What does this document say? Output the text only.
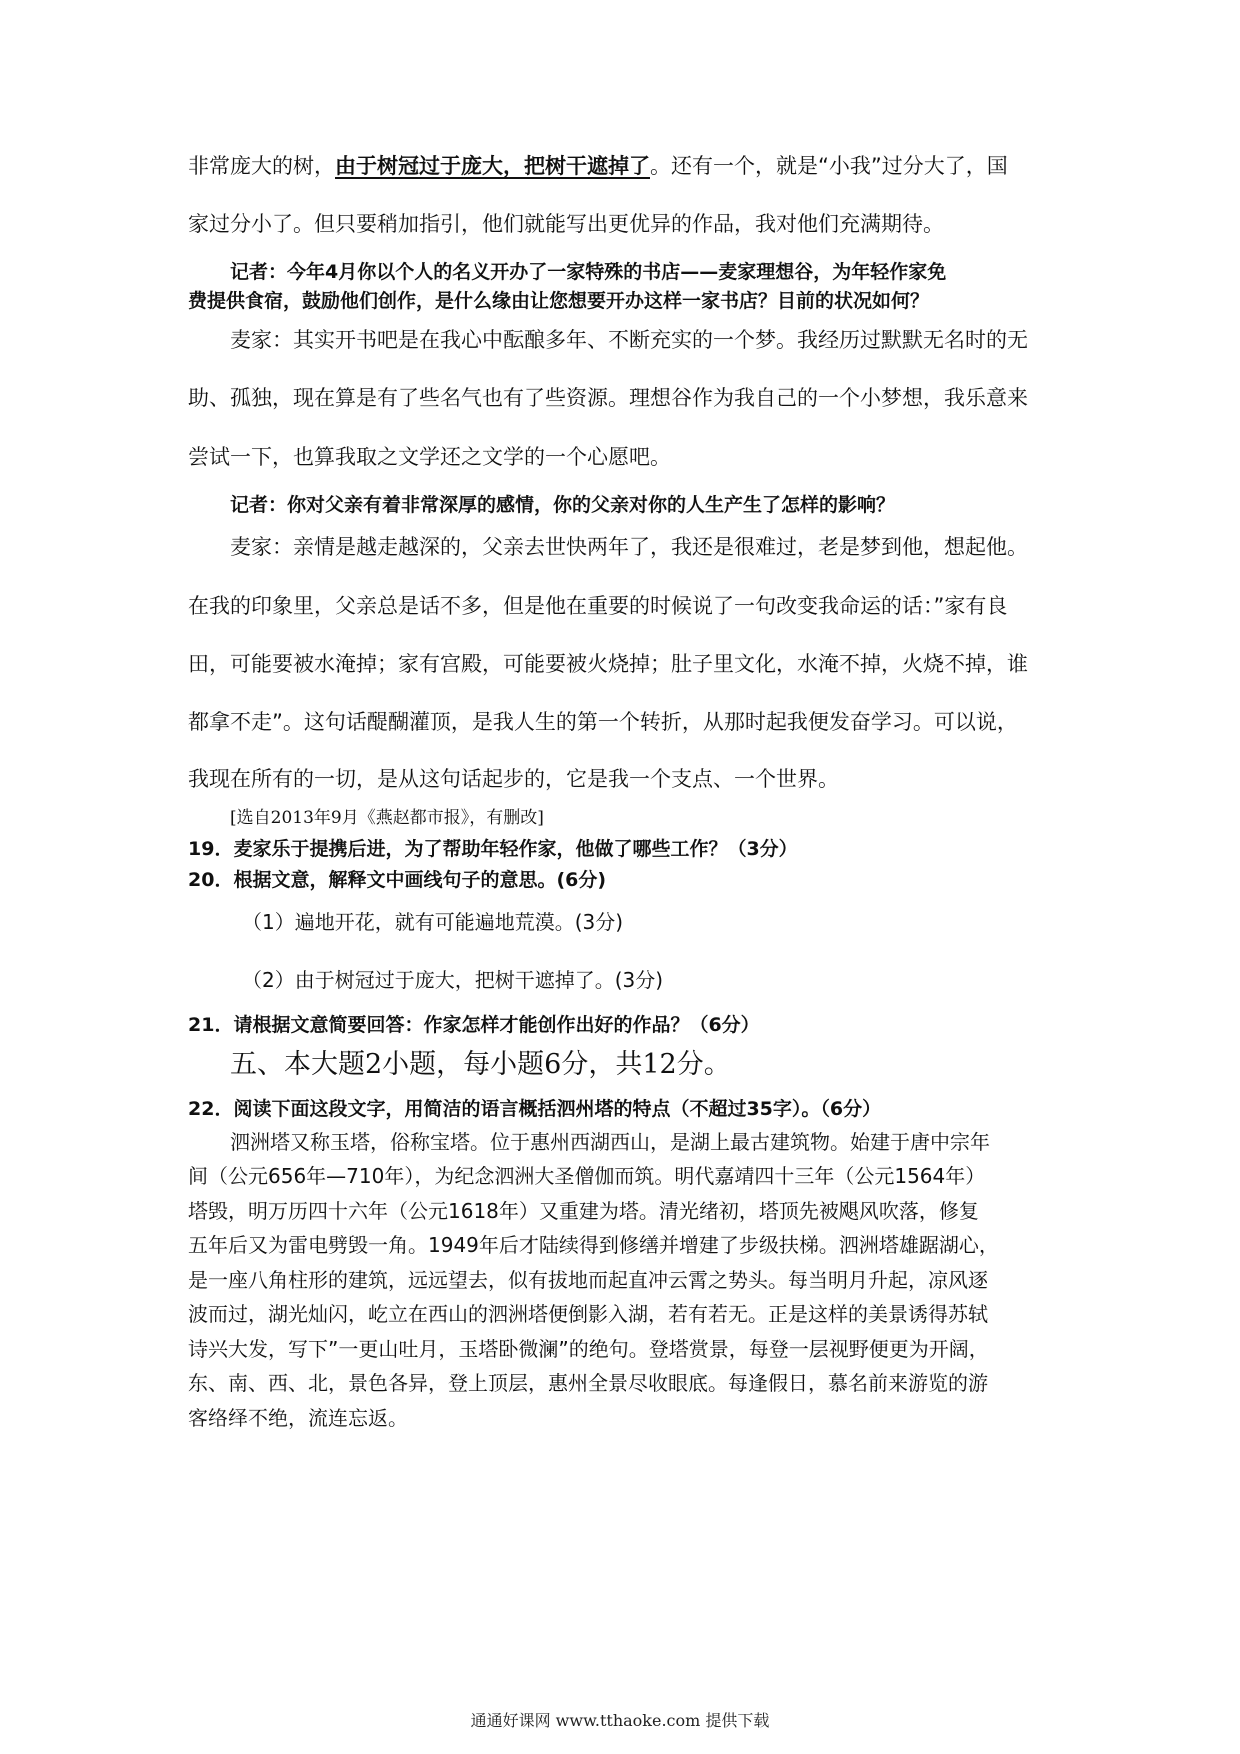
非常庞大的树，由于树冠过于庞大，把树干遮掉了。还有一个，就是“小我”过分大了，国
家过分小了。但只要稍加指引，他们就能写出更优异的作品，我对他们充满期待。
记者：今年4月你以个人的名义开办了一家特殊的书店——麦家理想谷，为年轻作家免
费提供食宿，鼓励他们创作，是什么缘由让您想要开办这样一家书店？目前的状况如何？
麦家：其实开书吧是在我心中酝酿多年、不断充实的一个梦。我经历过默默无名时的无
助、孤独，现在算是有了些名气也有了些资源。理想谷作为我自己的一个小梦想，我乐意来
尝试一下，也算我取之文学还之文学的一个心愿吧。
记者：你对父亲有着非常深厚的感情，你的父亲对你的人生产生了怎样的影响？
麦家：亲情是越走越深的，父亲去世快两年了，我还是很难过，老是梦到他，想起他。
在我的印象里，父亲总是话不多，但是他在重要的时候说了一句改变我命运的话：”家有良
田，可能要被水淹掉；家有宫殿，可能要被火烧掉；肚子里文化，水淹不掉，火烧不掉，谁
都拿不走”。这句话醍醐灌顶，是我人生的第一个转折，从那时起我便发奋学习。可以说，
我现在所有的一切，是从这句话起步的，它是我一个支点、一个世界。
[选自2013年9月《燕赵都市报》，有删改]
19．麦家乐于提携后进，为了帮助年轻作家，他做了哪些工作？（3分）
20．根据文意，解释文中画线句子的意思。(6分)
（1）遍地开花，就有可能遍地荒漠。(3分)
（2）由于树冠过于庞大，把树干遮掉了。(3分)
21．请根据文意简要回答：作家怎样才能创作出好的作品？（6分）
五、本大题2小题，每小题6分，共12分。
22．阅读下面这段文字，用简洁的语言概括泗州塔的特点（不超过35字）。（6分）
泗洲塔又称玉塔，俗称宝塔。位于惠州西湖西山，是湖上最古建筑物。始建于唐中宗年
间（公元656年—710年），为纪念泗洲大圣僧伽而筑。明代嘉靖四十三年（公元1564年）
塔毁，明万历四十六年（公元1618年）又重建为塔。清光绪初，塔顶先被飓风吹落，修复
五年后又为雷电劈毁一角。1949年后才陆续得到修缮并增建了步级扶梯。泗洲塔雄踞湖心，
是一座八角柱形的建筑，远远望去，似有拔地而起直冲云霄之势头。每当明月升起，凉风逐
波而过，湖光灿闪，屹立在西山的泗洲塔便倒影入湖，若有若无。正是这样的美景诱得苏轼
诗兴大发，写下”一更山吐月，玉塔卧微澜”的绝句。登塔赏景，每登一层视野便更为开阔，
东、南、西、北，景色各异，登上顶层，惠州全景尽收眼底。每逢假日，慕名前来游览的游
客络绎不绝，流连忘返。
通通好课网 www.tthaoke.com 提供下载
